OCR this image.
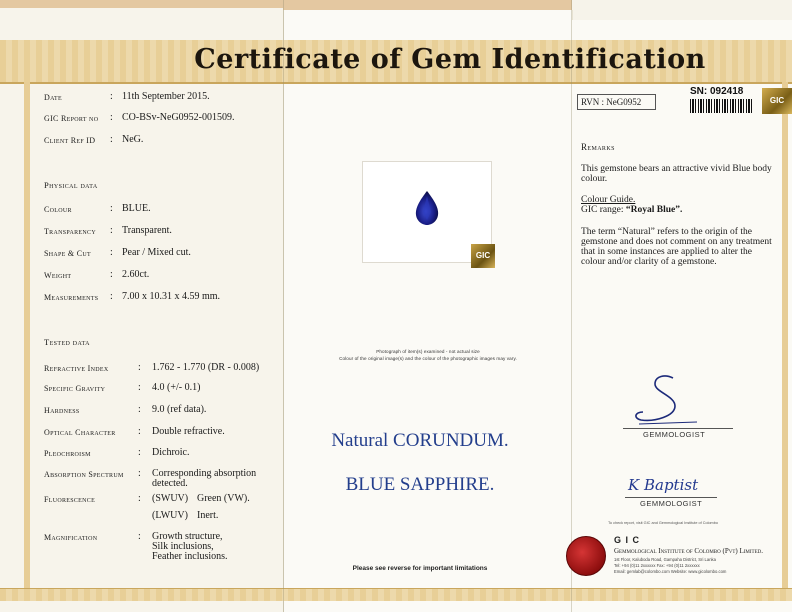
Certificate of Gem Identification
Date	: 11th September 2015.
GIC Report no : CO-BSv-NeG0952-001509.
Client Ref ID : NeG.
Physical data
Colour	: BLUE.
Transparency : Transparent.
Shape & Cut : Pear / Mixed cut.
Weight	: 2.60ct.
Measurements : 7.00 x 10.31 x 4.59 mm.
Tested data
Refractive Index	: 1.762 - 1.770 (DR - 0.008)
Specific Gravity	: 4.0 (+/- 0.1)
Hardness	: 9.0 (ref data).
Optical Character : Double refractive.
Pleochroism	: Dichroic.
Absorption Spectrum : Corresponding absorption
detected.
Fluorescence	: (SWUV) Green (VW).
(LWUV) Inert.
Magnification	: Growth structure,
Silk inclusions,
Feather inclusions.
GIC
Photograph of item(s) examined - not actual size
Colour of the original image(s) and the colour of the photographic images may vary.
Natural CORUNDUM.
BLUE SAPPHIRE.
Please see reverse for important limitations
RVN : NeG0952
SN: 092418
GIC
Remarks
This gemstone bears an attractive vivid Blue body
colour.
Colour Guide.
GIC range: “Royal Blue”.
The term “Natural” refers to the origin of the
gemstone and does not comment on any treatment
that in some instances are applied to alter the
colour and/or clarity of a gemstone.
GEMMOLOGIST
K Baptist
GEMMOLOGIST
To check report, visit GIC and Gemmological Institute of Colombo
G I C
Gemmological Institute of Colombo (Pvt) Limited.
1st Floor, Kaluboda Road, Gampaha District, Sri Lanka
Tel: +94 (0)11 2xxxxxx Fax: +94 (0)11 2xxxxxx
Email: gemlab@colombo.com Website: www.gicolombo.com
